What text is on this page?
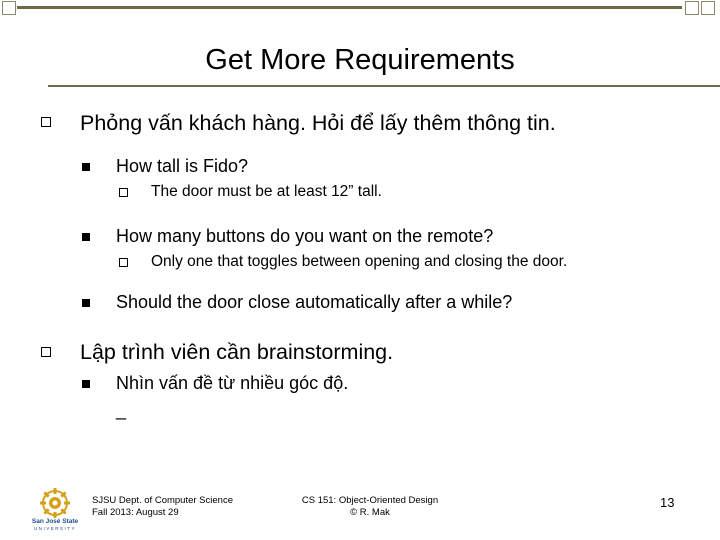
Get More Requirements
Phỏng vấn khách hàng. Hỏi để lấy thêm thông tin.
How tall is Fido?
The door must be at least 12” tall.
How many buttons do you want on the remote?
Only one that toggles between opening and closing the door.
Should the door close automatically after a while?
Lập trình viên cần brainstorming.
Nhìn vấn đề từ nhiều góc độ.
_
San José State
UNIVERSITY
SJSU Dept. of Computer Science
Fall 2013: August 29
CS 151: Object-Oriented Design
© R. Mak
13
